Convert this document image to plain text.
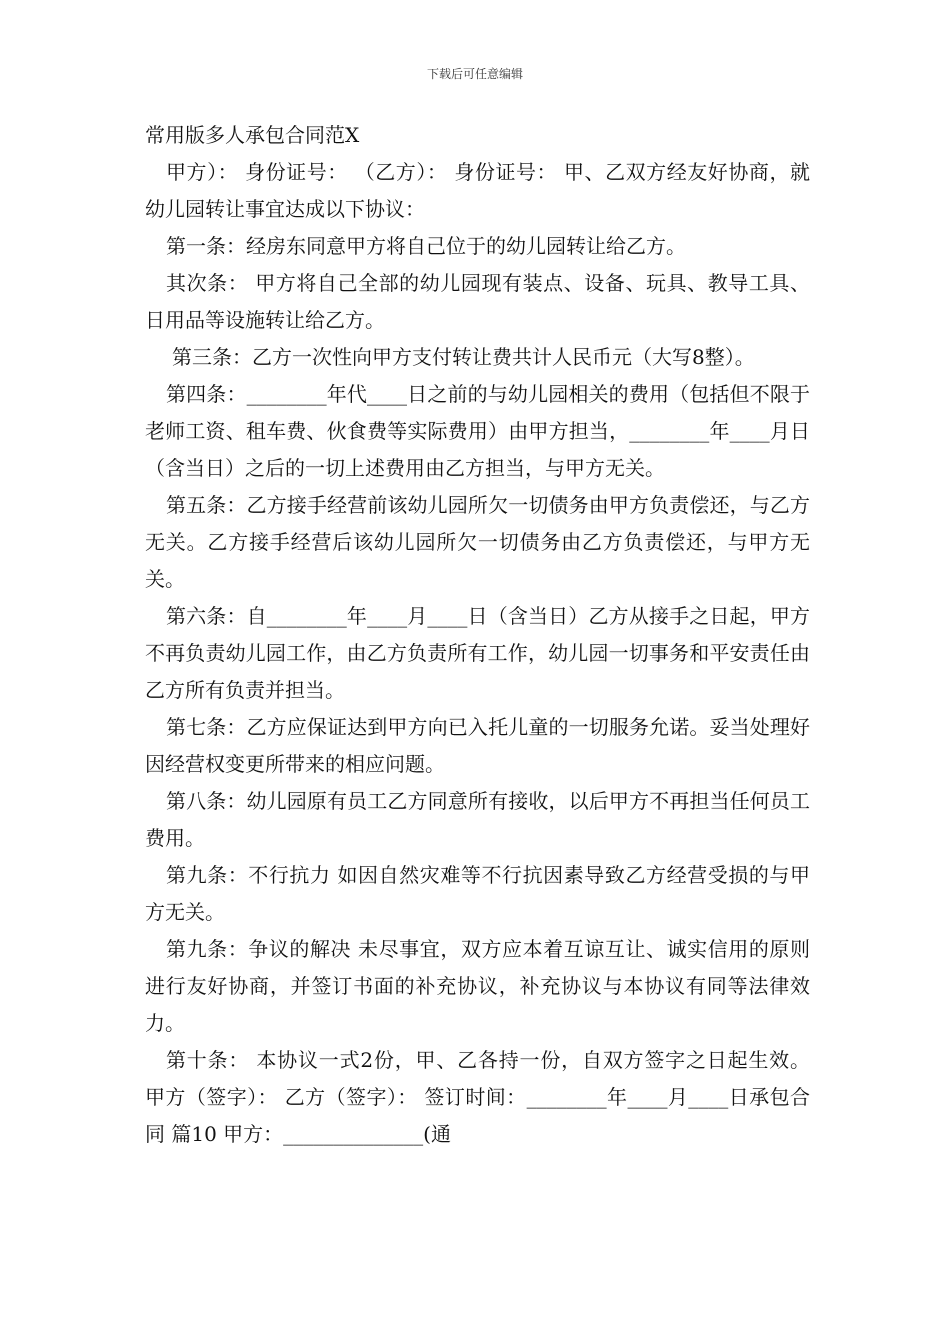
下载后可任意编辑
常用版多人承包合同范X

甲方）： 身份证号： （乙方）： 身份证号： 甲、乙双方经友好协商，就幼儿园转让事宜达成以下协议：

第一条：经房东同意甲方将自己位于的幼儿园转让给乙方。

其次条： 甲方将自己全部的幼儿园现有装点、设备、玩具、教导工具、日用品等设施转让给乙方。

第三条：乙方一次性向甲方支付转让费共计人民币元（大写8整）。

第四条：________年代____日之前的与幼儿园相关的费用（包括但不限于老师工资、租车费、伙食费等实际费用）由甲方担当，________年____月日（含当日）之后的一切上述费用由乙方担当，与甲方无关。

第五条：乙方接手经营前该幼儿园所欠一切债务由甲方负责偿还，与乙方无关。乙方接手经营后该幼儿园所欠一切债务由乙方负责偿还，与甲方无关。

第六条：自________年____月____日（含当日）乙方从接手之日起，甲方不再负责幼儿园工作，由乙方负责所有工作，幼儿园一切事务和平安责任由乙方所有负责并担当。

第七条：乙方应保证达到甲方向已入托儿童的一切服务允诺。妥当处理好因经营权变更所带来的相应问题。

第八条：幼儿园原有员工乙方同意所有接收，以后甲方不再担当任何员工费用。

第九条：不行抗力 如因自然灾难等不行抗因素导致乙方经营受损的与甲方无关。

第九条：争议的解决 未尽事宜，双方应本着互谅互让、诚实信用的原则进行友好协商，并签订书面的补充协议，补充协议与本协议有同等法律效力。

第十条： 本协议一式2份，甲、乙各持一份，自双方签字之日起生效。 甲方（签字）： 乙方（签字）： 签订时间：________年____月____日承包合同 篇10 甲方：______________(通
